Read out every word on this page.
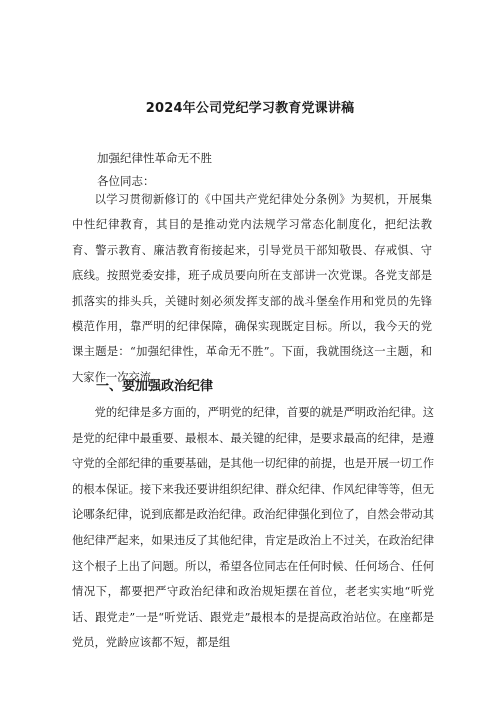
2024年公司党纪学习教育党课讲稿

加强纪律性革命无不胜

各位同志：

以学习贯彻新修订的《中国共产党纪律处分条例》为契机，开展集中性纪律教育，其目的是推动党内法规学习常态化制度化，把纪法教育、警示教育、廉洁教育衔接起来，引导党员干部知敬畏、存戒惧、守底线。按照党委安排，班子成员要向所在支部讲一次党课。各党支部是抓落实的排头兵，关键时刻必须发挥支部的战斗堡垒作用和党员的先锋模范作用，靠严明的纪律保障，确保实现既定目标。所以，我今天的党课主题是：“加强纪律性，革命无不胜”。下面，我就围绕这一主题，和大家作一次交流。

一、要加强政治纪律

党的纪律是多方面的，严明党的纪律，首要的就是严明政治纪律。这是党的纪律中最重要、最根本、最关键的纪律，是要求最高的纪律，是遵守党的全部纪律的重要基础，是其他一切纪律的前提，也是开展一切工作的根本保证。接下来我还要讲组织纪律、群众纪律、作风纪律等等，但无论哪条纪律，说到底都是政治纪律。政治纪律强化到位了，自然会带动其他纪律严起来，如果违反了其他纪律，肯定是政治上不过关，在政治纪律这个根子上出了问题。所以，希望各位同志在任何时候、任何场合、任何情况下，都要把严守政治纪律和政治规矩摆在首位，老老实实地“听党话、跟党走”一是“听党话、跟党走”最根本的是提高政治站位。在座都是党员，党龄应该都不短，都是组
